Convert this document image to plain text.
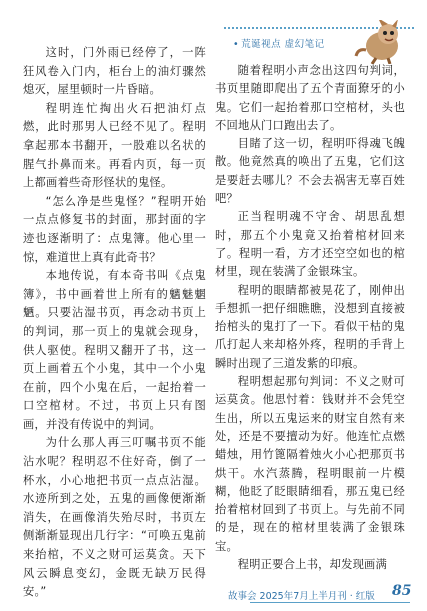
• 荒诞视点 虚幻笔记

这时，门外雨已经停了，一阵狂风卷入门内，柜台上的油灯骤然熄灭，屋里顿时一片昏暗。

程明连忙掏出火石把油灯点燃，此时那男人已经不见了。程明拿起那本书翻开，一股难以名状的腥气扑鼻而来。再看内页，每一页上都画着些奇形怪状的鬼怪。

“怎么净是些鬼怪？”程明开始一点点修复书的封面，那封面的字迹也逐渐明了：点鬼簿。他心里一惊，难道世上真有此奇书？

本地传说，有本奇书叫《点鬼簿》，书中画着世上所有的魑魅魍魉。只要沾湿书页，再念动书页上的判词，那一页上的鬼就会现身，供人驱使。程明又翻开了书，这一页上画着五个小鬼，其中一个小鬼在前，四个小鬼在后，一起抬着一口空棺材。不过，书页上只有图画，并没有传说中的判词。

为什么那人再三叮嘱书页不能沾水呢？程明忍不住好奇，倒了一杯水，小心地把书页一点点沾湿。水迹所到之处，五鬼的画像便渐渐消失，在画像消失殆尽时，书页左侧渐渐显现出几行字：“可唤五鬼前来抬棺，不义之财可运莫贪。天下风云瞬息变幻，金既无缺万民得安。”

随着程明小声念出这四句判词，书页里随即爬出了五个青面獠牙的小鬼。它们一起抬着那口空棺材，头也不回地从门口跑出去了。

目睹了这一切，程明吓得魂飞魄散。他竟然真的唤出了五鬼，它们这是要赶去哪儿？不会去祸害无辜百姓吧？

正当程明魂不守舍、胡思乱想时，那五个小鬼竟又抬着棺材回来了。程明一看，方才还空空如也的棺材里，现在装满了金银珠宝。

程明的眼睛都被晃花了，刚伸出手想抓一把仔细瞧瞧，没想到直接被抬棺头的鬼打了一下。看似干枯的鬼爪打起人来却格外疼，程明的手背上瞬时出现了三道发紫的印痕。

程明想起那句判词：不义之财可运莫贪。他思忖着：钱财并不会凭空生出，所以五鬼运来的财宝自然有来处，还是不要擅动为好。他连忙点燃蜡烛，用竹篦隔着烛火小心把那页书烘干。水汽蒸腾，程明眼前一片模糊，他眨了眨眼睛细看，那五鬼已经抬着棺材回到了书页上。与先前不同的是，现在的棺材里装满了金银珠宝。

程明正要合上书，却发现画满

故事会 2025年7月上半月刊 · 红版 85
